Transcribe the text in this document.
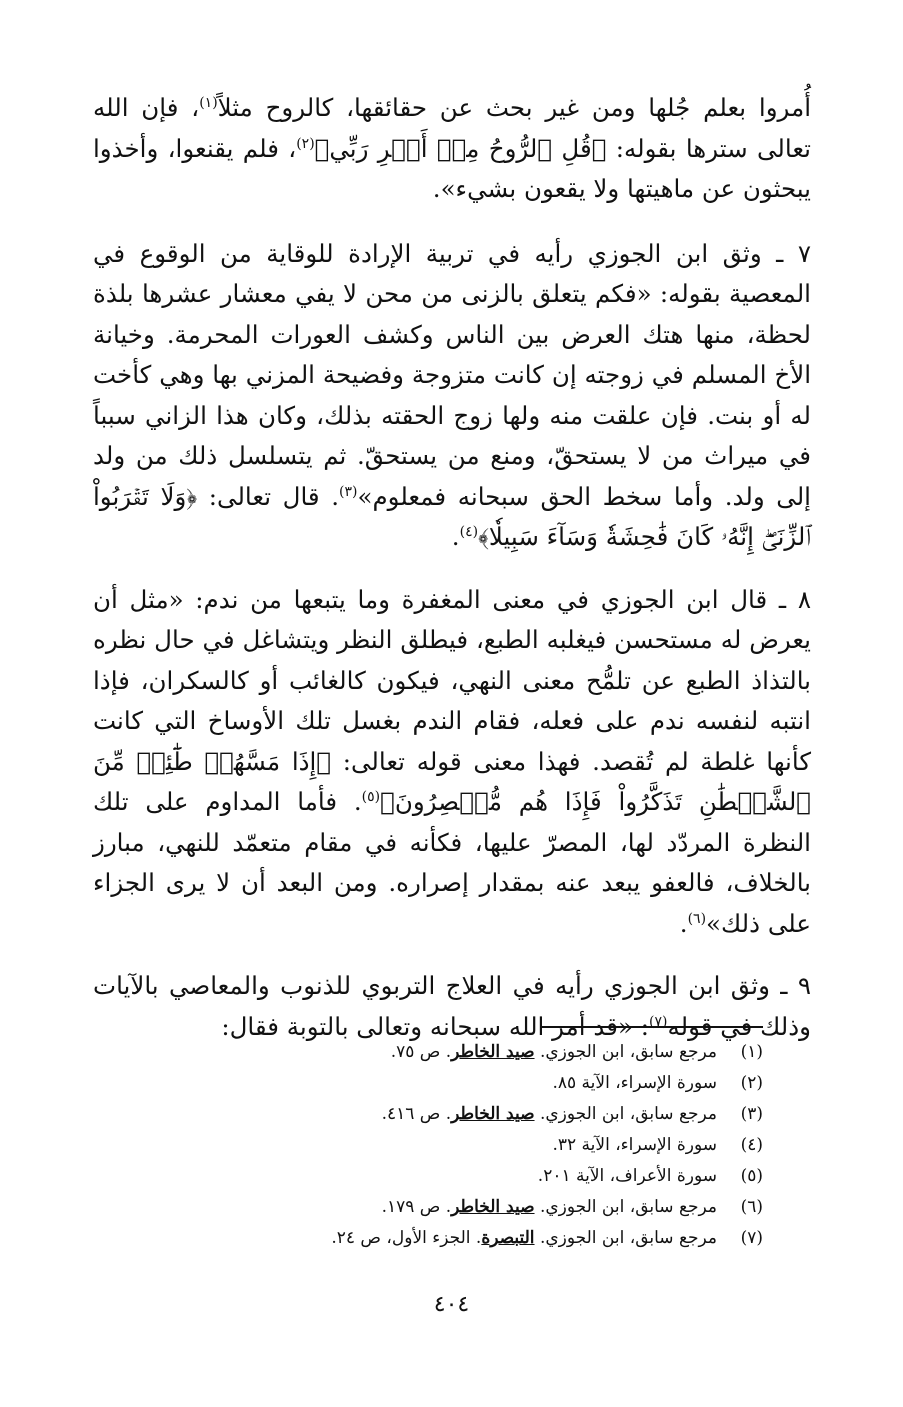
أُمروا بعلم جُلها ومن غير بحث عن حقائقها، كالروح مثلاً$^{(١)}$، فإن الله تعالى سترها بقوله: ﴿قُلِ ٱلرُّوحُ مِنۡ أَمۡرِ رَبِّي﴾$^{(٢)}$، فلم يقنعوا، وأخذوا يبحثون عن ماهيتها ولا يقعون بشيء».

٧ ـ وثق ابن الجوزي رأيه في تربية الإرادة للوقاية من الوقوع في المعصية بقوله: «فكم يتعلق بالزنى من محن لا يفي معشار عشرها بلذة لحظة، منها هتك العرض بين الناس وكشف العورات المحرمة. وخيانة الأخ المسلم في زوجته إن كانت متزوجة وفضيحة المزني بها وهي كأخت له أو بنت. فإن علقت منه ولها زوج الحقته بذلك، وكان هذا الزاني سبباً في ميراث من لا يستحقّ، ومنع من يستحقّ. ثم يتسلسل ذلك من ولد إلى ولد. وأما سخط الحق سبحانه فمعلوم»$^{(٣)}$. قال تعالى: ﴿وَلَا تَقۡرَبُواْ ٱلزِّنَىٰٓۖ إِنَّهُۥ كَانَ فَٰحِشَةٗ وَسَآءَ سَبِيلٗا﴾$^{(٤)}$.

٨ ـ قال ابن الجوزي في معنى المغفرة وما يتبعها من ندم: «مثل أن يعرض له مستحسن فيغلبه الطبع، فيطلق النظر ويتشاغل في حال نظره بالتذاذ الطبع عن تلمُّح معنى النهي، فيكون كالغائب أو كالسكران، فإذا انتبه لنفسه ندم على فعله، فقام الندم بغسل تلك الأوساخ التي كانت كأنها غلطة لم تُقصد. فهذا معنى قوله تعالى: ﴿إِذَا مَسَّهُمۡ طَٰٓئِفٞ مِّنَ ٱلشَّيۡطَٰنِ تَذَكَّرُواْ فَإِذَا هُم مُّبۡصِرُونَ﴾$^{(٥)}$. فأما المداوم على تلك النظرة المردّد لها، المصرّ عليها، فكأنه في مقام متعمّد للنهي، مبارز بالخلاف، فالعفو يبعد عنه بمقدار إصراره. ومن البعد أن لا يرى الجزاء على ذلك»$^{(٦)}$.

٩ ـ وثق ابن الجوزي رأيه في العلاج التربوي للذنوب والمعاصي بالآيات وذلك في قوله$^{(٧)}$: «قد أمر الله سبحانه وتعالى بالتوبة فقال:

(١)مرجع سابق، ابن الجوزي. صيد الخاطر. ص ٧٥.
(٢)سورة الإسراء، الآية ٨٥.
(٣)مرجع سابق، ابن الجوزي. صيد الخاطر. ص ٤١٦.
(٤)سورة الإسراء، الآية ٣٢.
(٥)سورة الأعراف، الآية ٢٠١.
(٦)مرجع سابق، ابن الجوزي. صيد الخاطر. ص ١٧٩.
(٧)مرجع سابق، ابن الجوزي. التبصرة. الجزء الأول، ص ٢٤.
٤٠٤
